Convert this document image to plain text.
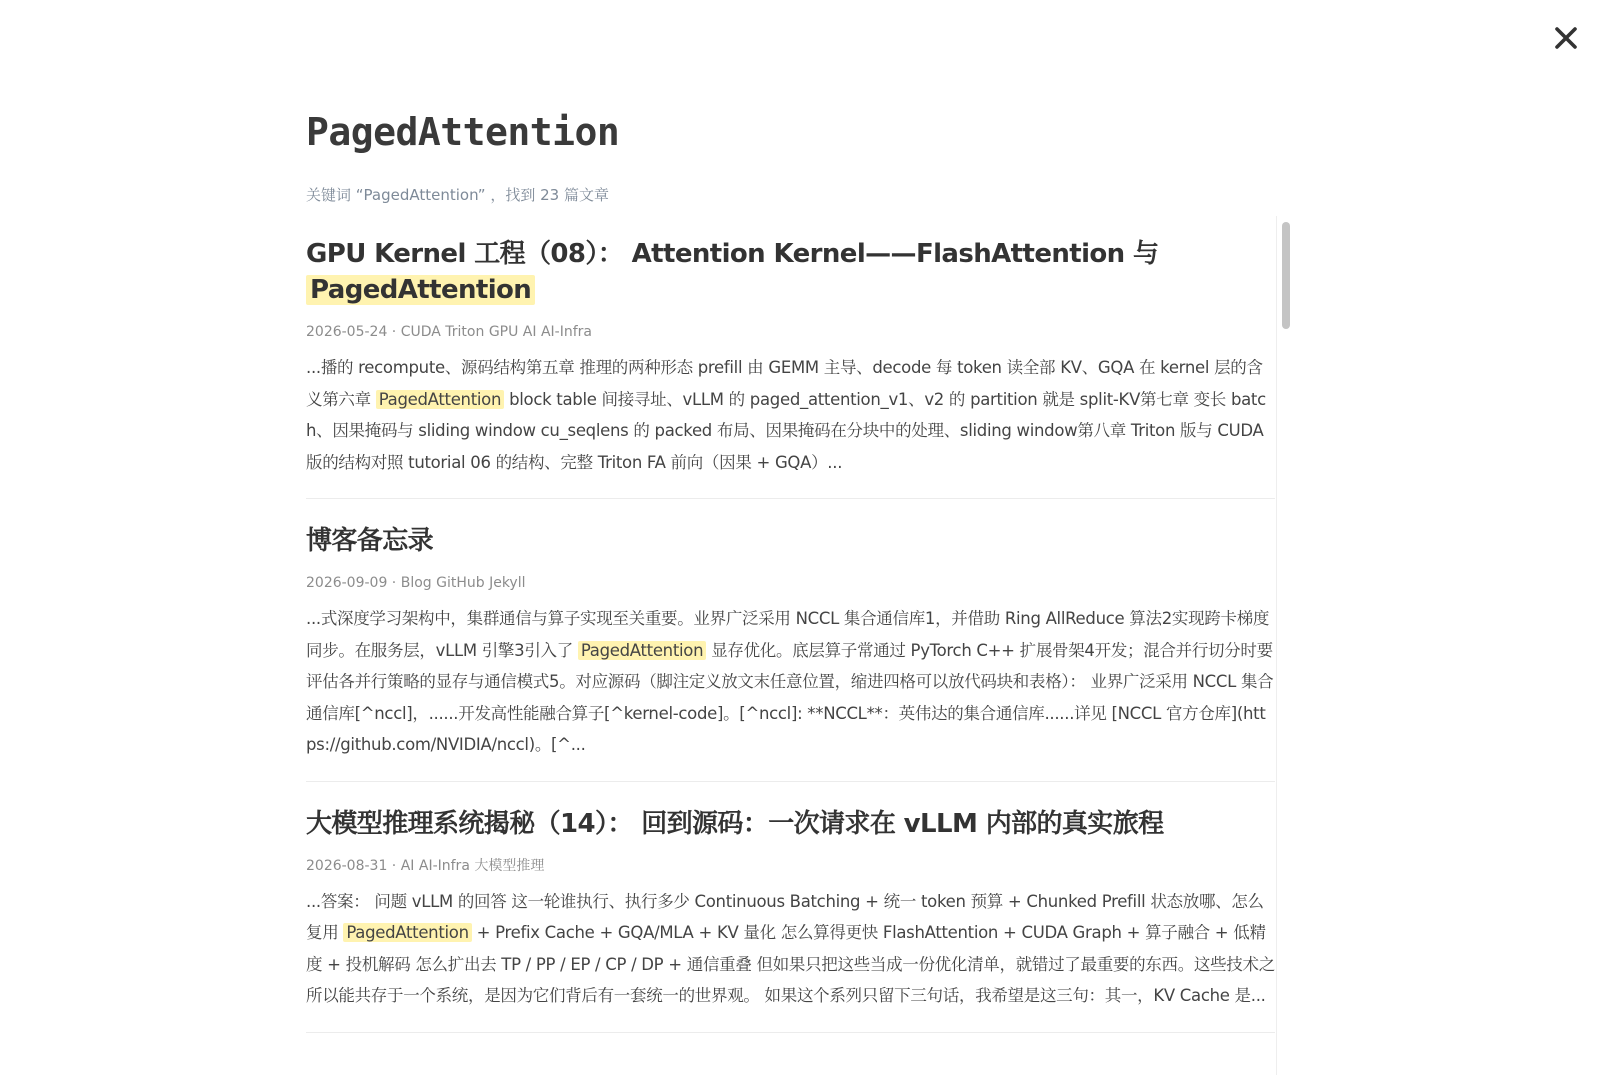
PagedAttention
关键词 “PagedAttention” ，找到 23 篇文章
GPU Kernel 工程（08）： Attention Kernel——FlashAttention 与 PagedAttention
2026-05-24 · CUDA Triton GPU AI AI-Infra
...播的 recompute、源码结构第五章 推理的两种形态 prefill 由 GEMM 主导、decode 每 token 读全部 KV、GQA 在 kernel 层的含义第六章 PagedAttention block table 间接寻址、vLLM 的 paged_attention_v1、v2 的 partition 就是 split-KV第七章 变长 batch、因果掩码与 sliding window cu_seqlens 的 packed 布局、因果掩码在分块中的处理、sliding window第八章 Triton 版与 CUDA 版的结构对照 tutorial 06 的结构、完整 Triton FA 前向（因果 + GQA）...
博客备忘录
2026-09-09 · Blog GitHub Jekyll
...式深度学习架构中，集群通信与算子实现至关重要。业界广泛采用 NCCL 集合通信库1，并借助 Ring AllReduce 算法2实现跨卡梯度同步。在服务层，vLLM 引擎3引入了 PagedAttention 显存优化。底层算子常通过 PyTorch C++ 扩展骨架4开发；混合并行切分时要评估各并行策略的显存与通信模式5。对应源码（脚注定义放文末任意位置，缩进四格可以放代码块和表格）： 业界广泛采用 NCCL 集合通信库[^nccl]，......开发高性能融合算子[^kernel-code]。[^nccl]: **NCCL**：英伟达的集合通信库......详见 [NCCL 官方仓库](https://github.com/NVIDIA/nccl)。[^...
大模型推理系统揭秘（14）： 回到源码：一次请求在 vLLM 内部的真实旅程
2026-08-31 · AI AI-Infra 大模型推理
...答案： 问题 vLLM 的回答 这一轮谁执行、执行多少 Continuous Batching + 统一 token 预算 + Chunked Prefill 状态放哪、怎么复用 PagedAttention + Prefix Cache + GQA/MLA + KV 量化 怎么算得更快 FlashAttention + CUDA Graph + 算子融合 + 低精度 + 投机解码 怎么扩出去 TP / PP / EP / CP / DP + 通信重叠 但如果只把这些当成一份优化清单，就错过了最重要的东西。这些技术之所以能共存于一个系统，是因为它们背后有一套统一的世界观。 如果这个系列只留下三句话，我希望是这三句：其一，KV Cache 是...
